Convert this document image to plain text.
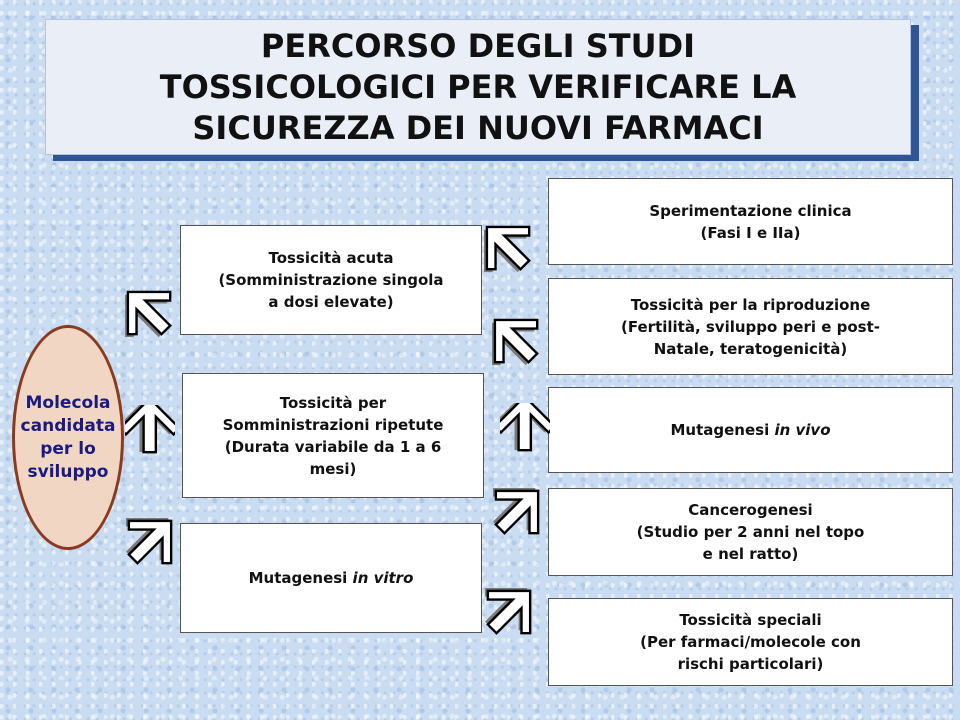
PERCORSO DEGLI STUDI
TOSSICOLOGICI PER VERIFICARE LA
SICUREZZA DEI NUOVI FARMACI
Molecola
candidata
per lo
sviluppo
Tossicità acuta
(Somministrazione singola
a dosi elevate)
Tossicità per
Somministrazioni ripetute
(Durata variabile da 1 a 6
mesi)
Mutagenesi in vitro
Sperimentazione clinica
(Fasi I e IIa)
Tossicità per la riproduzione
(Fertilità, sviluppo peri e post-
Natale, teratogenicità)
Mutagenesi in vivo
Cancerogenesi
(Studio per 2 anni nel topo
e nel ratto)
Tossicità speciali
(Per farmaci/molecole con
rischi particolari)
